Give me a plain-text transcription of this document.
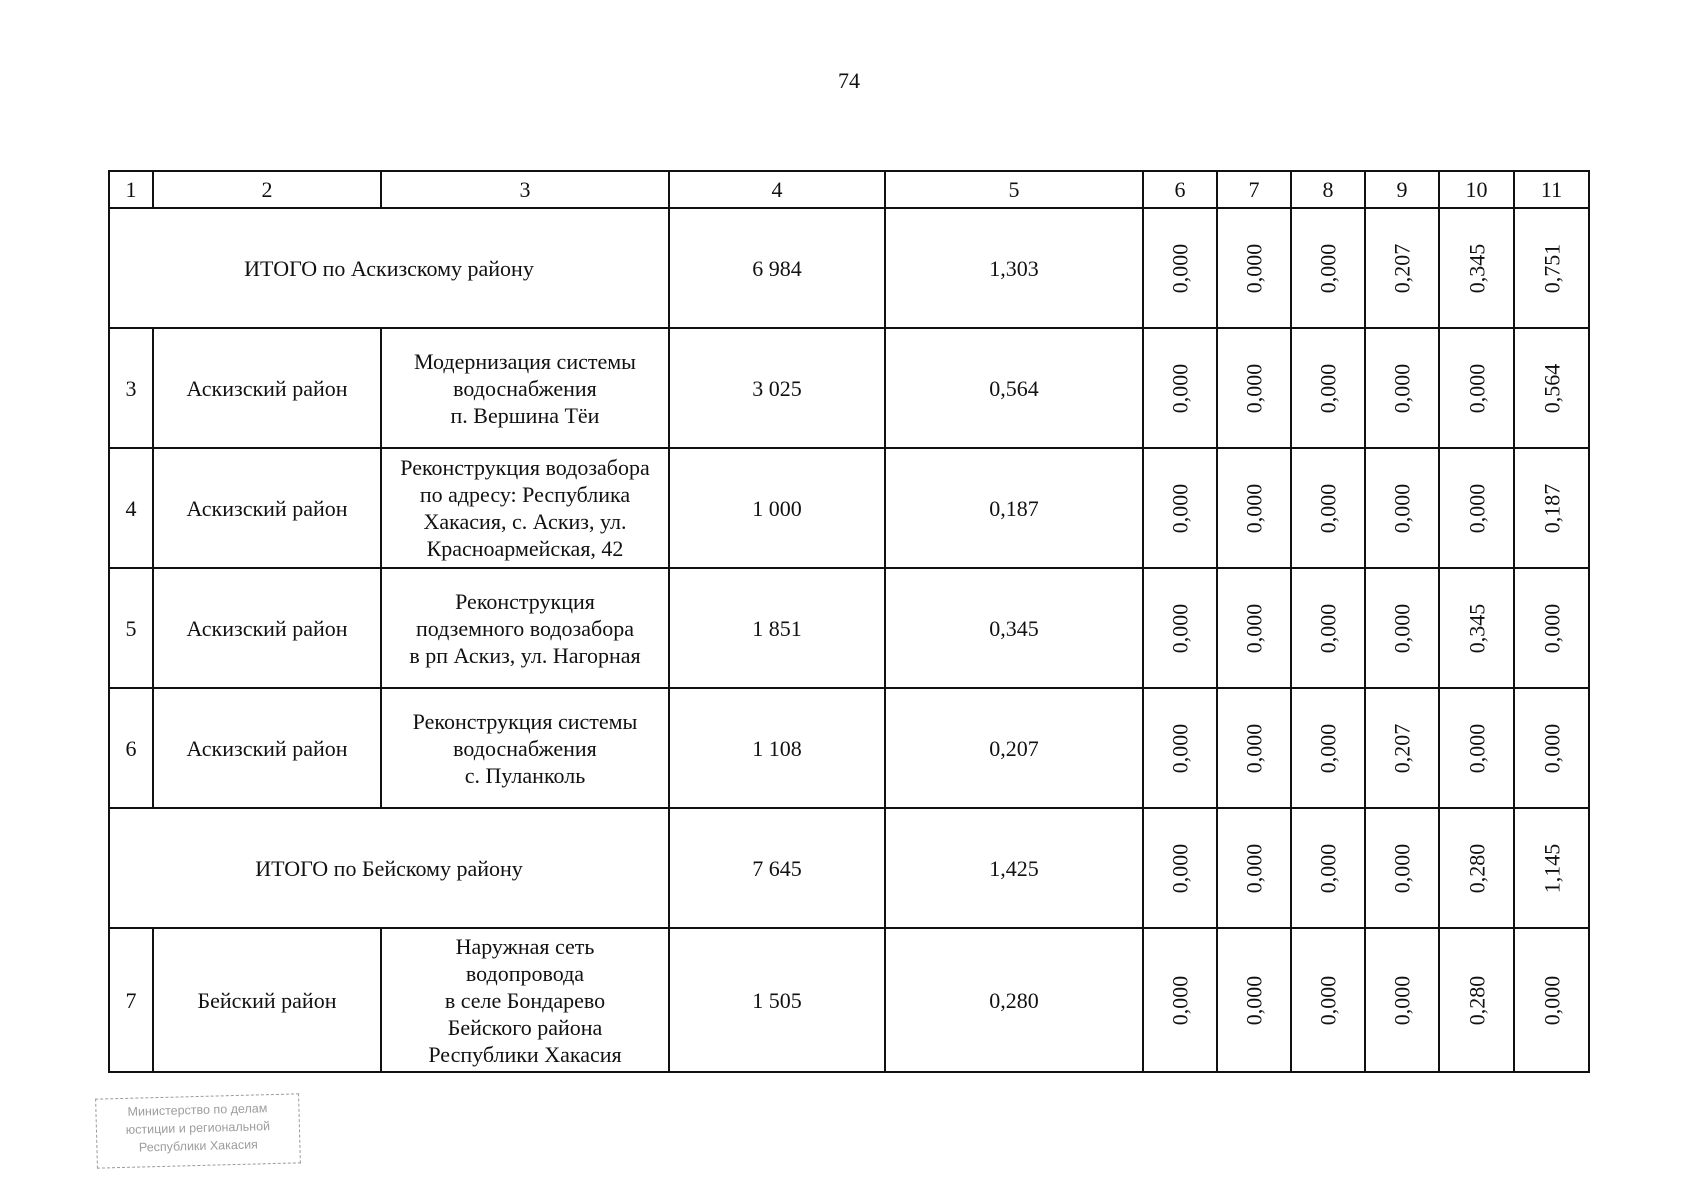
74
1	2	3	4	5	6	7	8	9	10	11
ИТОГО по Аскизскому району			6 984	1,303	0,000	0,000	0,000	0,207	0,345	0,751
3	Аскизский район	Модернизация системы
водоснабжения
п. Вершина Тёи	3 025	0,564	0,000	0,000	0,000	0,000	0,000	0,564
4	Аскизский район	Реконструкция водозабора
по адресу: Республика
Хакасия, с. Аскиз, ул.
Красноармейская, 42	1 000	0,187	0,000	0,000	0,000	0,000	0,000	0,187
5	Аскизский район	Реконструкция
подземного водозабора
в рп Аскиз, ул. Нагорная	1 851	0,345	0,000	0,000	0,000	0,000	0,345	0,000
6	Аскизский район	Реконструкция системы
водоснабжения
с. Пуланколь	1 108	0,207	0,000	0,000	0,000	0,207	0,000	0,000
ИТОГО по Бейскому району			7 645	1,425	0,000	0,000	0,000	0,000	0,280	1,145
7	Бейский район	Наружная сеть
водопровода
в селе Бондарево
Бейского района
Республики Хакасия	1 505	0,280	0,000	0,000	0,000	0,000	0,280	0,000
Министерство по делам
юстиции и региональной
Республики Хакасия
